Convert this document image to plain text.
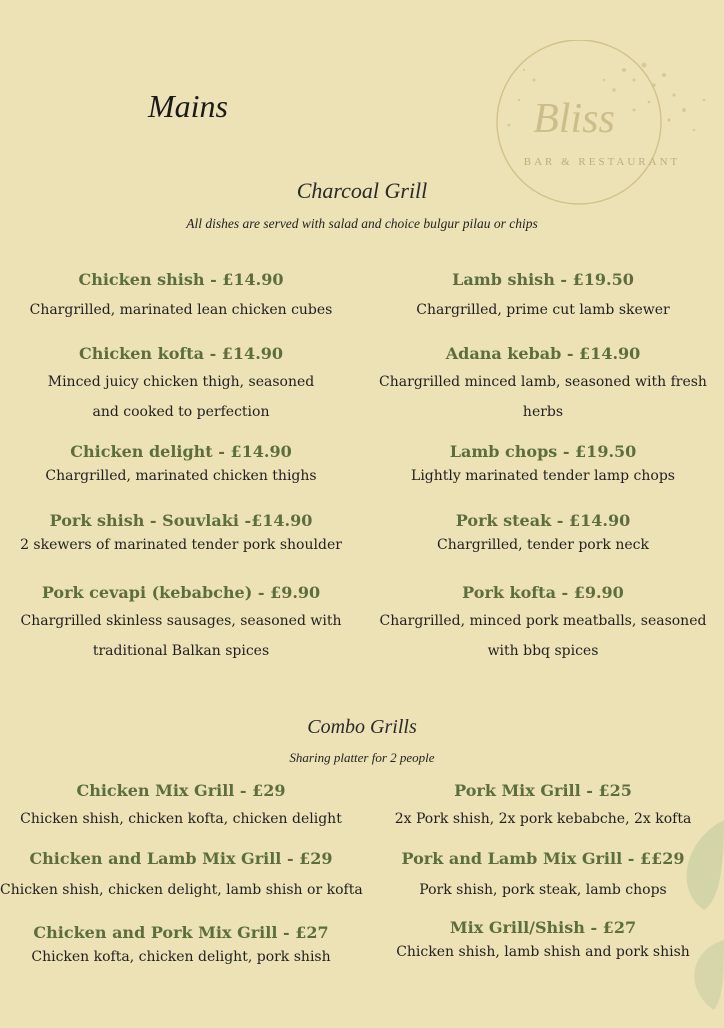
Bliss
BAR & RESTAURANT
Mains
Charcoal Grill
All dishes are served with salad and choice bulgur pilau or chips
Chicken shish - £14.90
Chargrilled, marinated lean chicken cubes
Chicken kofta - £14.90
Minced juicy chicken thigh, seasoned
and cooked to perfection
Chicken delight - £14.90
Chargrilled, marinated chicken thighs
Pork shish - Souvlaki -£14.90
2 skewers of marinated tender pork shoulder
Pork cevapi (kebabche) - £9.90
Chargrilled skinless sausages, seasoned with
traditional Balkan spices
Lamb shish - £19.50
Chargrilled, prime cut lamb skewer
Adana kebab - £14.90
Chargrilled minced lamb, seasoned with fresh
herbs
Lamb chops - £19.50
Lightly marinated tender lamp chops
Pork steak - £14.90
Chargrilled, tender pork neck
Pork kofta - £9.90
Chargrilled, minced pork meatballs, seasoned
with bbq spices
Combo Grills
Sharing platter for 2 people
Chicken Mix Grill - £29
Chicken shish, chicken kofta, chicken delight
Chicken and Lamb Mix Grill - £29
Chicken shish, chicken delight, lamb shish or kofta
Chicken and Pork Mix Grill - £27
Chicken kofta, chicken delight, pork shish
Pork Mix Grill - £25
2x Pork shish, 2x pork kebabche, 2x kofta
Pork and Lamb Mix Grill - ££29
Pork shish, pork steak, lamb chops
Mix Grill/Shish - £27
Chicken shish, lamb shish and pork shish
